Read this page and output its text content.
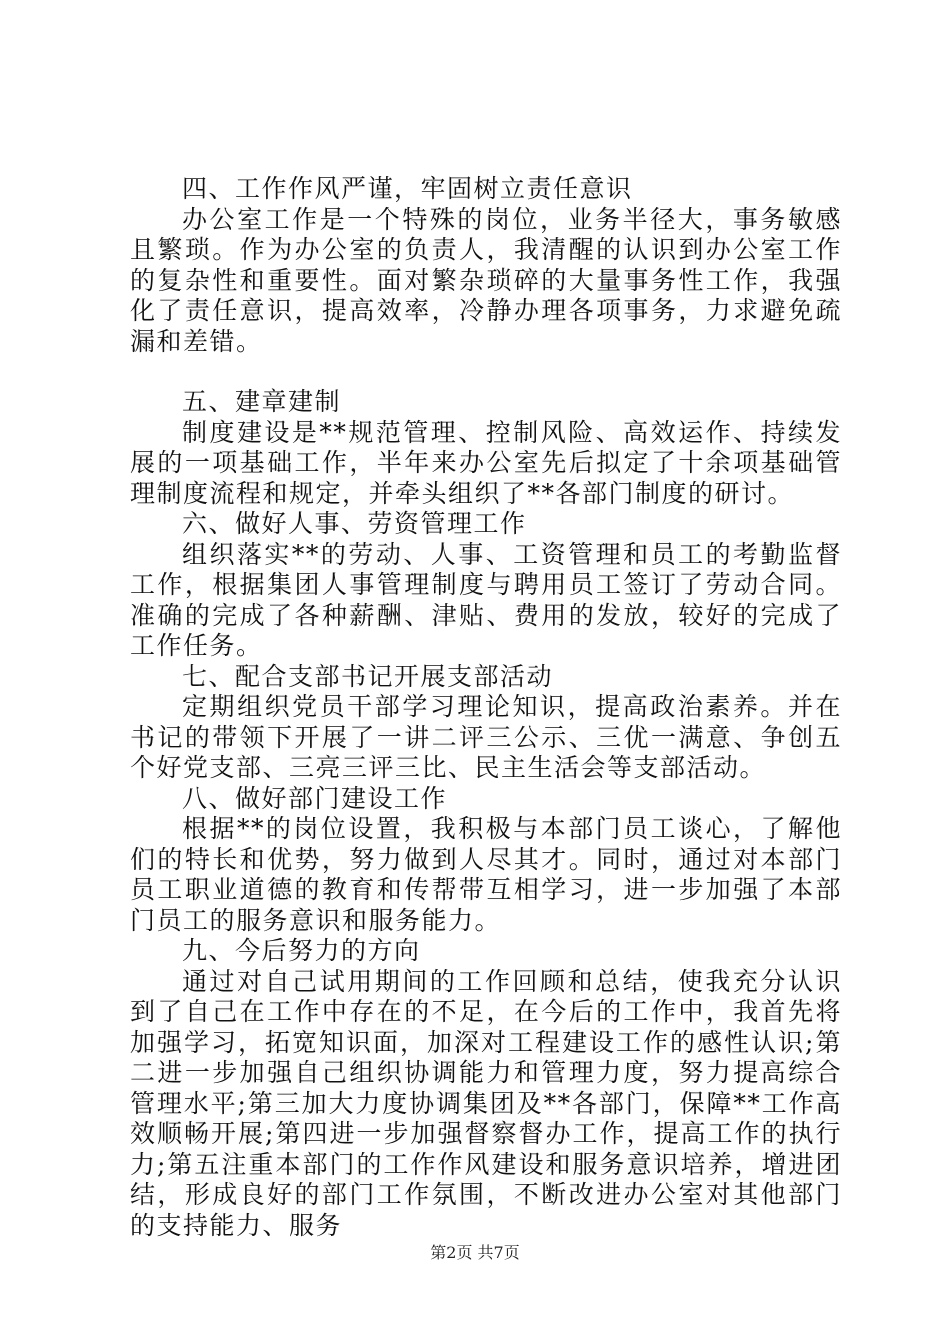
四、工作作风严谨，牢固树立责任意识

办公室工作是一个特殊的岗位，业务半径大，事务敏感且繁琐。作为办公室的负责人，我清醒的认识到办公室工作的复杂性和重要性。面对繁杂琐碎的大量事务性工作，我强化了责任意识，提高效率，冷静办理各项事务，力求避免疏漏和差错。

五、建章建制

制度建设是**规范管理、控制风险、高效运作、持续发展的一项基础工作，半年来办公室先后拟定了十余项基础管理制度流程和规定，并牵头组织了**各部门制度的研讨。

六、做好人事、劳资管理工作

组织落实**的劳动、人事、工资管理和员工的考勤监督工作，根据集团人事管理制度与聘用员工签订了劳动合同。准确的完成了各种薪酬、津贴、费用的发放，较好的完成了工作任务。

七、配合支部书记开展支部活动

定期组织党员干部学习理论知识，提高政治素养。并在书记的带领下开展了一讲二评三公示、三优一满意、争创五个好党支部、三亮三评三比、民主生活会等支部活动。

八、做好部门建设工作

根据**的岗位设置，我积极与本部门员工谈心，了解他们的特长和优势，努力做到人尽其才。同时，通过对本部门员工职业道德的教育和传帮带互相学习，进一步加强了本部门员工的服务意识和服务能力。

九、今后努力的方向

通过对自己试用期间的工作回顾和总结，使我充分认识到了自己在工作中存在的不足，在今后的工作中，我首先将加强学习，拓宽知识面，加深对工程建设工作的感性认识;第二进一步加强自己组织协调能力和管理力度，努力提高综合管理水平;第三加大力度协调集团及**各部门，保障**工作高效顺畅开展;第四进一步加强督察督办工作，提高工作的执行力;第五注重本部门的工作作风建设和服务意识培养，增进团结，形成良好的部门工作氛围，不断改进办公室对其他部门的支持能力、服务

第2页 共7页
